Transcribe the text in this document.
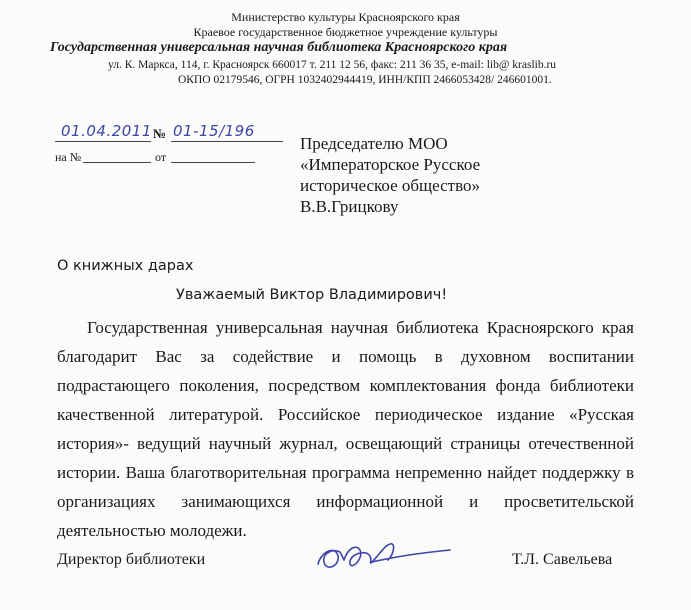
Министерство культуры Красноярского края
Краевое государственное бюджетное учреждение культуры
Государственная универсальная научная библиотека Красноярского края
ул. К. Маркса, 114, г. Красноярск 660017 т. 211 12 56, факс: 211 36 35, e-mail: lib@ kraslib.ru
ОКПО 02179546, ОГРН 1032402944419, ИНН/КПП 2466053428/ 246601001.
01.04.2011 № 01-15/196
на №	от
Председателю МОО
«Императорское Русское
историческое общество»
В.В.Грицкову
О книжных дарах
Уважаемый Виктор Владимирович!
Государственная универсальная научная библиотека Красноярского края благодарит Вас за содействие и помощь в духовном воспитании подрастающего поколения, посредством комплектования фонда библиотеки качественной литературой. Российское периодическое издание «Русская история»- ведущий научный журнал, освещающий страницы отечественной истории. Ваша благотворительная программа непременно найдет поддержку в организациях занимающихся информационной и просветительской деятельностью молодежи.
Директор библиотеки	Т.Л. Савельева
